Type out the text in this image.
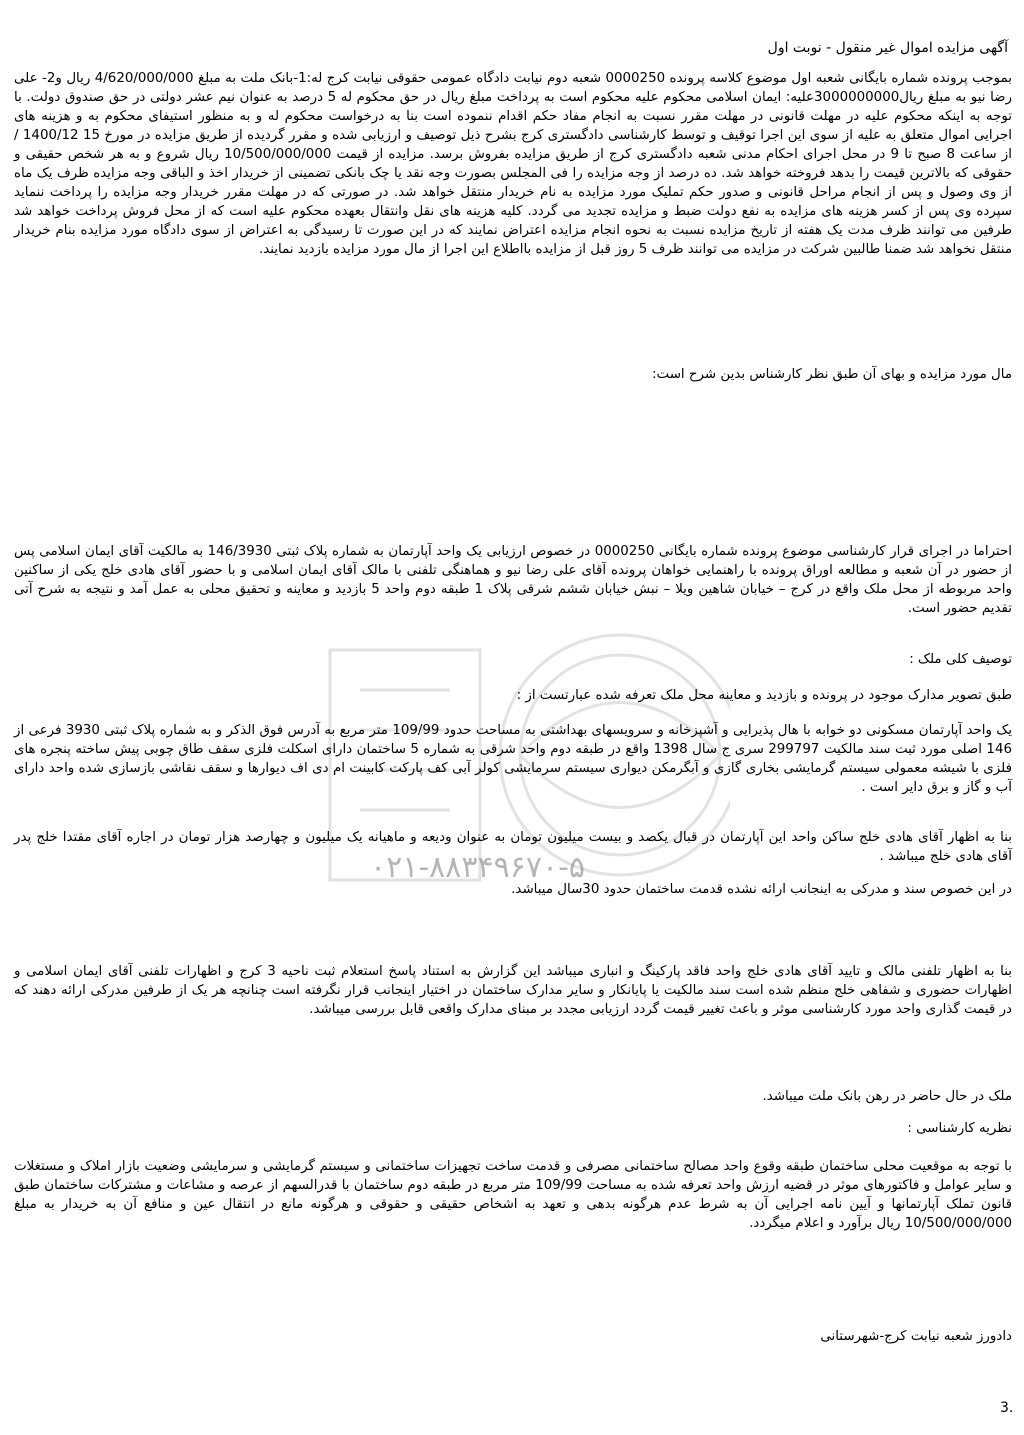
۰۲۱-۸۸۳۴۹۶۷۰-۵

آگهی مزایده اموال غیر منقول - نوبت اول

بموجب پرونده شماره بایگانی شعبه اول موضوع کلاسه پرونده 0000250 شعبه دوم نیابت دادگاه عمومی حقوقی نیابت کرج له:1-بانک ملت به مبلغ 4/620/000/000 ریال و2- علی رضا نیو به مبلغ ریال3000000000علیه: ایمان اسلامی محکوم علیه محکوم است به پرداخت مبلغ ریال در حق محکوم له 5 درصد به عنوان نیم عشر دولتی در حق صندوق دولت. با توجه به اینکه محکوم علیه در مهلت قانونی در مهلت مقرر نسبت به انجام مفاد حکم اقدام ننموده است بنا به درخواست محکوم له و به منظور استیفای محکوم به و هزینه های اجرایی اموال متعلق به علیه از سوی این اجرا توقیف و توسط کارشناسی دادگستری کرج بشرح ذیل توصیف و ارزیابی شده و مقرر گردیده از طریق مزایده در مورخ 15 1400/12 /از ساعت 8 صبح تا 9 در محل اجرای احکام مدنی شعبه دادگستری کرج از طریق مزایده بفروش برسد. مزایده از قیمت 10/500/000/000 ریال شروع و به هر شخص حقیقی و حقوقی که بالاترین قیمت را بدهد فروخته خواهد شد. ده درصد از وجه مزایده را فی المجلس بصورت وجه نقد یا چک بانکی تضمینی از خریدار اخذ و الباقی وجه مزایده ظرف یک ماه از وی وصول و پس از انجام مراحل قانونی و صدور حکم تملیک مورد مزایده به نام خریدار منتقل خواهد شد. در صورتی که در مهلت مقرر خریدار وجه مزایده را پرداخت ننماید سپرده وی پس از کسر هزینه های مزایده به نفع دولت ضبط و مزایده تجدید می گردد. کلیه هزینه های نقل وانتقال بعهده محکوم علیه است که از محل فروش پرداخت خواهد شد طرفین می توانند ظرف مدت یک هفته از تاریخ مزایده نسبت به نحوه انجام مزایده اعتراض نمایند که در این صورت تا رسیدگی به اعتراض از سوی دادگاه مورد مزایده بنام خریدار منتقل نخواهد شد ضمنا طالبین شرکت در مزایده می توانند ظرف 5 روز قبل از مزایده بااطلاع این اجرا از مال مورد مزایده بازدید نمایند.

مال مورد مزایده و بهای آن طبق نظر کارشناس بدین شرح است:

احتراما در اجرای قرار کارشناسی موضوع پرونده شماره بایگانی 0000250 در خصوص ارزیابی یک واحد آپارتمان به شماره پلاک ثبتی 146/3930 به مالکیت آقای ایمان اسلامی پس از حضور در آن شعبه و مطالعه اوراق پرونده با راهنمایی خواهان پرونده آقای علی رضا نیو و هماهنگی تلفنی با مالک آقای ایمان اسلامی و با حضور آقای هادی خلج یکی از ساکنین واحد مربوطه از محل ملک واقع در کرج – خیابان شاهین ویلا – نبش خیابان ششم شرقی پلاک 1 طبقه دوم واحد 5 بازدید و معاینه و تحقیق محلی به عمل آمد و نتیجه به شرح آتی تقدیم حضور است.

توصیف کلی ملک :

طبق تصویر مدارک موجود در پرونده و بازدید و معاینه محل ملک تعرفه شده عبارتست از :

یک واحد آپارتمان مسکونی دو خوابه با هال پذیرایی و آشپزخانه و سرویسهای بهداشتی به مساحت حدود 109/99 متر مربع به آدرس فوق الذکر و به شماره پلاک ثبتی 3930 فرعی از 146 اصلی مورد ثبت سند مالکیت 299797 سری ج سال 1398 واقع در طبقه دوم واحد شرقی به شماره 5 ساختمان دارای اسکلت فلزی سقف طاق چوبی پیش ساخته پنجره های فلزی با شیشه معمولی سیستم گرمایشی بخاری گازی و آبگرمکن دیواری سیستم سرمایشی کولر آبی کف پارکت کابینت ام دی اف دیوارها و سقف نقاشی بازسازی شده واحد دارای آب و گاز و برق دایر است .

بنا به اظهار آقای هادی خلج ساکن واحد این آپارتمان در قبال یکصد و بیست میلیون تومان به عنوان ودیعه و ماهیانه یک میلیون و چهارصد هزار تومان در اجاره آقای مقتدا خلج پدر آقای هادی خلج میباشد .

در این خصوص سند و مدرکی به اینجانب ارائه نشده قدمت ساختمان حدود 30سال میباشد.

بنا به اظهار تلفنی مالک و تایید آقای هادی خلج واحد فاقد پارکینگ و انباری میباشد این گزارش به استناد پاسخ استعلام ثبت ناحیه 3 کرج و اظهارات تلفنی آقای ایمان اسلامی و اظهارات حضوری و شفاهی خلج منظم شده است سند مالکیت یا پایانکار و سایر مدارک ساختمان در اختیار اینجانب قرار نگرفته است چنانچه هر یک از طرفین مدرکی ارائه دهند که در قیمت گذاری واحد مورد کارشناسی موثر و باعث تغییر قیمت گردد ارزیابی مجدد بر مبنای مدارک واقعی قابل بررسی میباشد.

ملک در حال حاضر در رهن بانک ملت میباشد.

نظریه کارشناسی :

با توجه به موقعیت محلی ساختمان طبقه وقوع واحد مصالح ساختمانی مصرفی و قدمت ساخت تجهیزات ساختمانی و سیستم گرمایشی و سرمایشی وضعیت بازار املاک و مستغلات و سایر عوامل و فاکتورهای موثر در قضیه ارزش واحد تعرفه شده به مساحت 109/99 متر مربع در طبقه دوم ساختمان با قدرالسهم از عرصه و مشاعات و مشترکات ساختمان طبق قانون تملک آپارتمانها و آیین نامه اجرایی آن به شرط عدم هرگونه بدهی و تعهد به اشخاص حقیقی و حقوقی و هرگونه مانع در انتقال عین و منافع آن به خریدار به مبلغ 10/500/000/000 ریال برآورد و اعلام میگردد.

دادورز شعبه نیابت کرج-شهرستانی

3.
